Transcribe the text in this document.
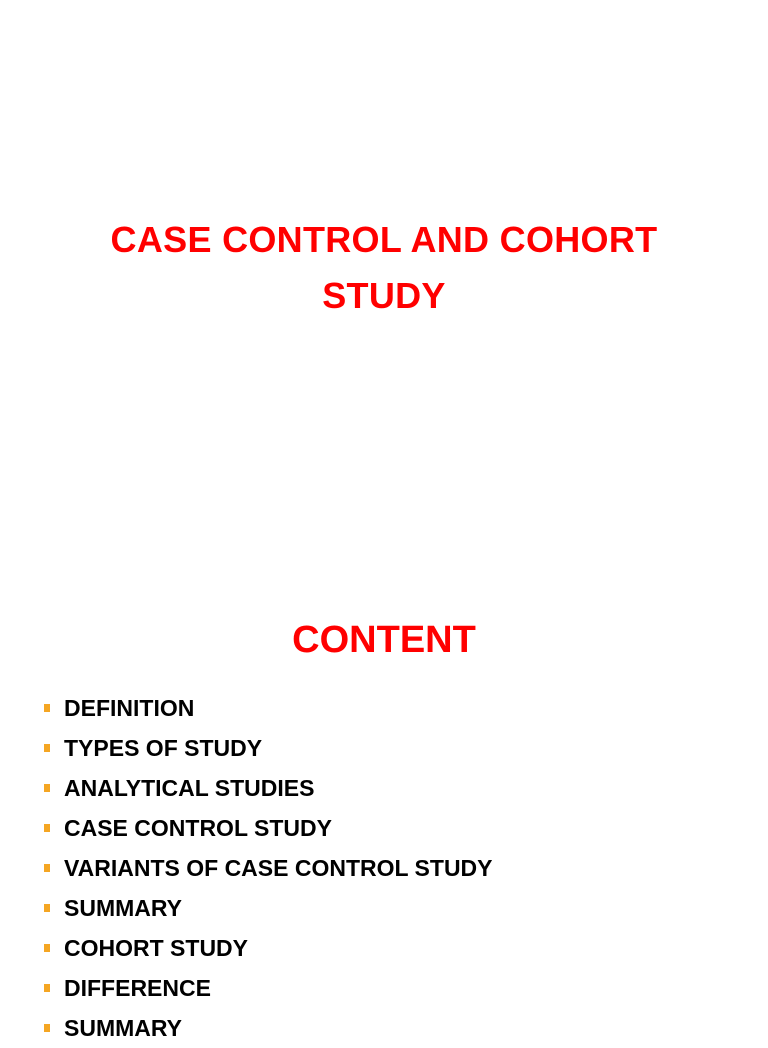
CASE CONTROL AND COHORT
STUDY
CONTENT
DEFINITION
TYPES OF STUDY
ANALYTICAL STUDIES
CASE CONTROL STUDY
VARIANTS OF CASE CONTROL STUDY
SUMMARY
COHORT STUDY
DIFFERENCE
SUMMARY
